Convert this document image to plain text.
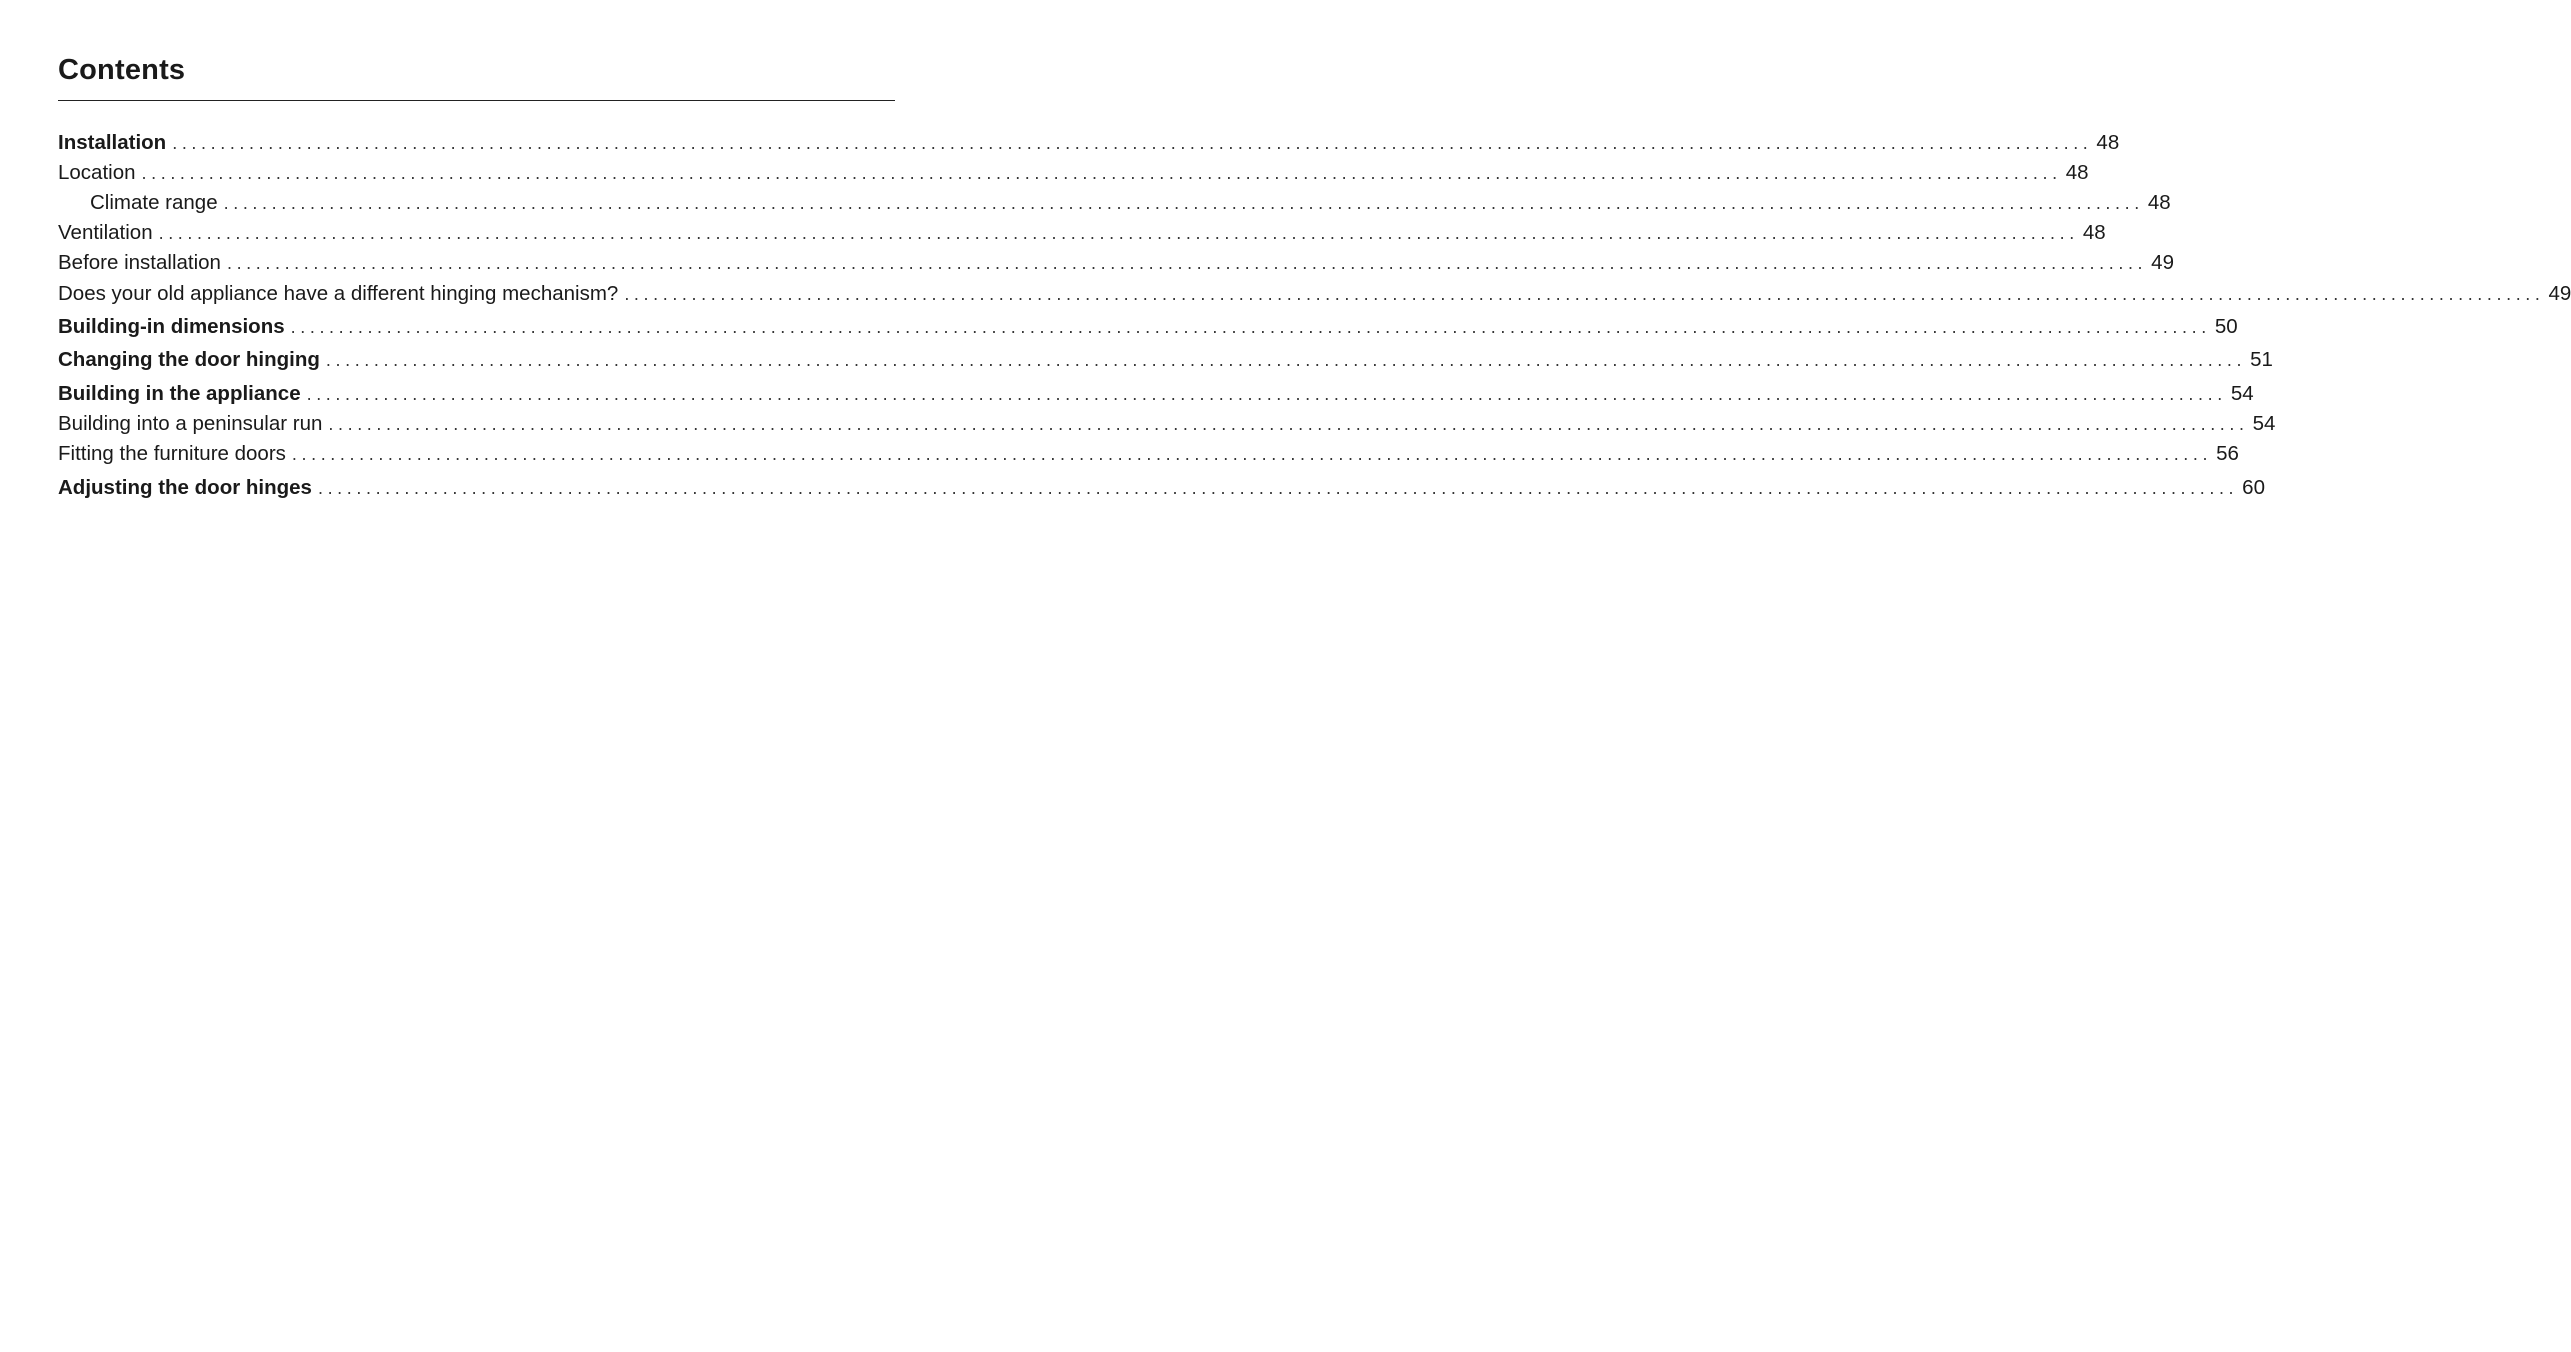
Contents
Installation ........................................................................................................................................................................................................ 48
Location ........................................................................................................................................................................................................ 48
Climate range ........................................................................................................................................................................................................ 48
Ventilation ........................................................................................................................................................................................................ 48
Before installation ........................................................................................................................................................................................................ 49
Does your old appliance have a different hinging mechanism? ........................................................................................................................................................................................................ 49
Building-in dimensions ........................................................................................................................................................................................................ 50
Changing the door hinging ........................................................................................................................................................................................................ 51
Building in the appliance ........................................................................................................................................................................................................ 54
Building into a peninsular run ........................................................................................................................................................................................................ 54
Fitting the furniture doors ........................................................................................................................................................................................................ 56
Adjusting the door hinges ........................................................................................................................................................................................................ 60
